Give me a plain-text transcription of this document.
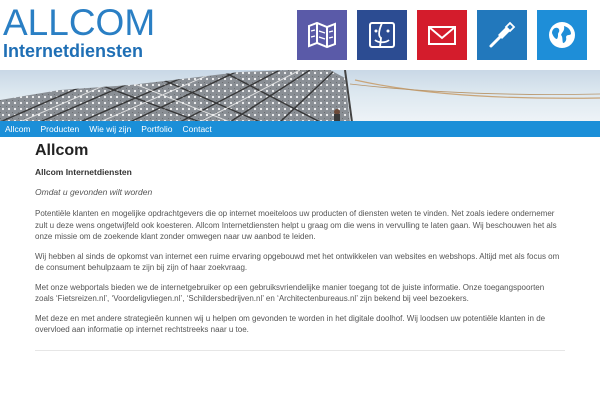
ALLCOM
Internetdiensten
Allcom	Producten	Wie wij zijn	Portfolio	Contact
Allcom
Allcom Internetdiensten
Omdat u gevonden wilt worden

Potentiële klanten en mogelijke opdrachtgevers die op internet moeiteloos uw producten of diensten weten te vinden. Net zoals iedere ondernemer zult u deze wens ongetwijfeld ook koesteren. Allcom Internetdiensten helpt u graag om die wens in vervulling te laten gaan. Wij beschouwen het als onze missie om de zoekende klant zonder omwegen naar uw aanbod te leiden.

Wij hebben al sinds de opkomst van internet een ruime ervaring opgebouwd met het ontwikkelen van websites en webshops. Altijd met als focus om de consument behulpzaam te zijn bij zijn of haar zoekvraag.

Met onze webportals bieden we de internetgebruiker op een gebruiksvriendelijke manier toegang tot de juiste informatie. Onze toegangspoorten zoals ‘Fietsreizen.nl’, ‘Voordeligvliegen.nl’, ‘Schildersbedrijven.nl’ en ‘Architectenbureaus.nl’ zijn bekend bij veel bezoekers.

Met deze en met andere strategieën kunnen wij u helpen om gevonden te worden in het digitale doolhof. Wij loodsen uw potentiële klanten in de overvloed aan informatie op internet rechtstreeks naar u toe.
